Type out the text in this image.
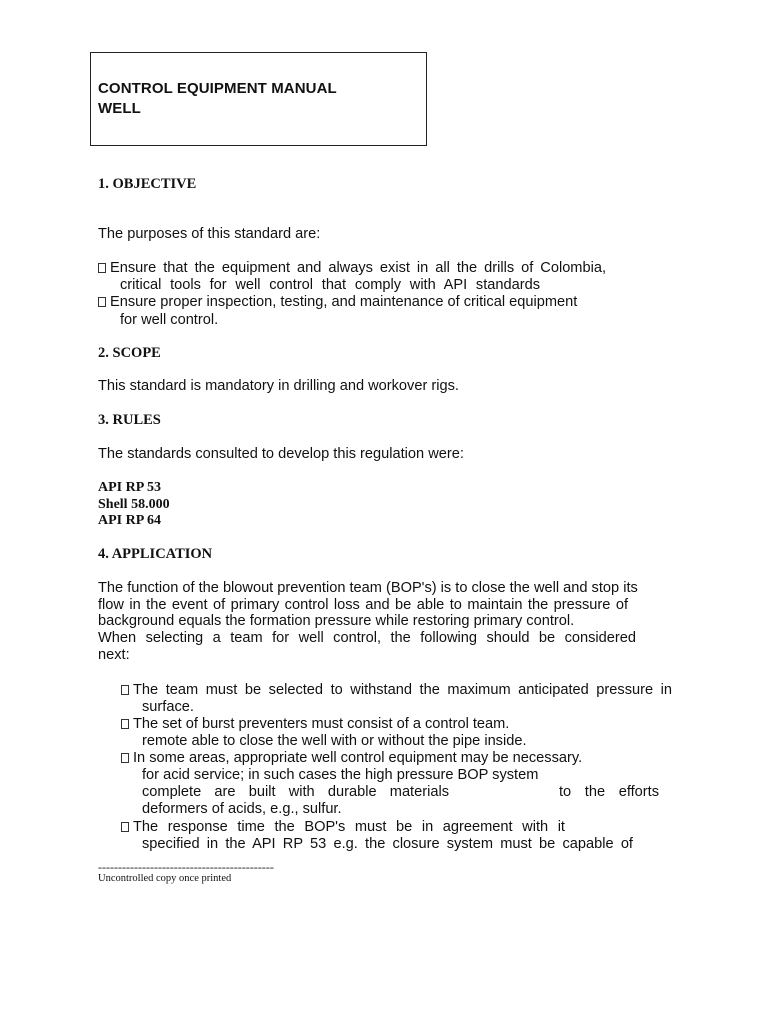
CONTROL EQUIPMENT MANUAL
WELL
1. OBJECTIVE
The purposes of this standard are:
Ensure that the equipment and always exist in all the drills of Colombia,
critical tools for well control that comply with API standards
Ensure proper inspection, testing, and maintenance of critical equipment
for well control.
2. SCOPE
This standard is mandatory in drilling and workover rigs.
3. RULES
The standards consulted to develop this regulation were:
API RP 53
Shell 58.000
API RP 64
4. APPLICATION
The function of the blowout prevention team (BOP's) is to close the well and stop its
flow in the event of primary control loss and be able to maintain the pressure of
background equals the formation pressure while restoring primary control.
When selecting a team for well control, the following should be considered
next:
The team must be selected to withstand the maximum anticipated pressure in
surface.
The set of burst preventers must consist of a control team.
remote able to close the well with or without the pipe inside.
In some areas, appropriate well control equipment may be necessary.
for acid service; in such cases the high pressure BOP system
complete are built with durable materials	to the efforts
deformers of acids, e.g., sulfur.
The response time the BOP's must be in agreement with it
specified in the API RP 53 e.g. the closure system must be capable of
--------------------------------------------
Uncontrolled copy once printed
